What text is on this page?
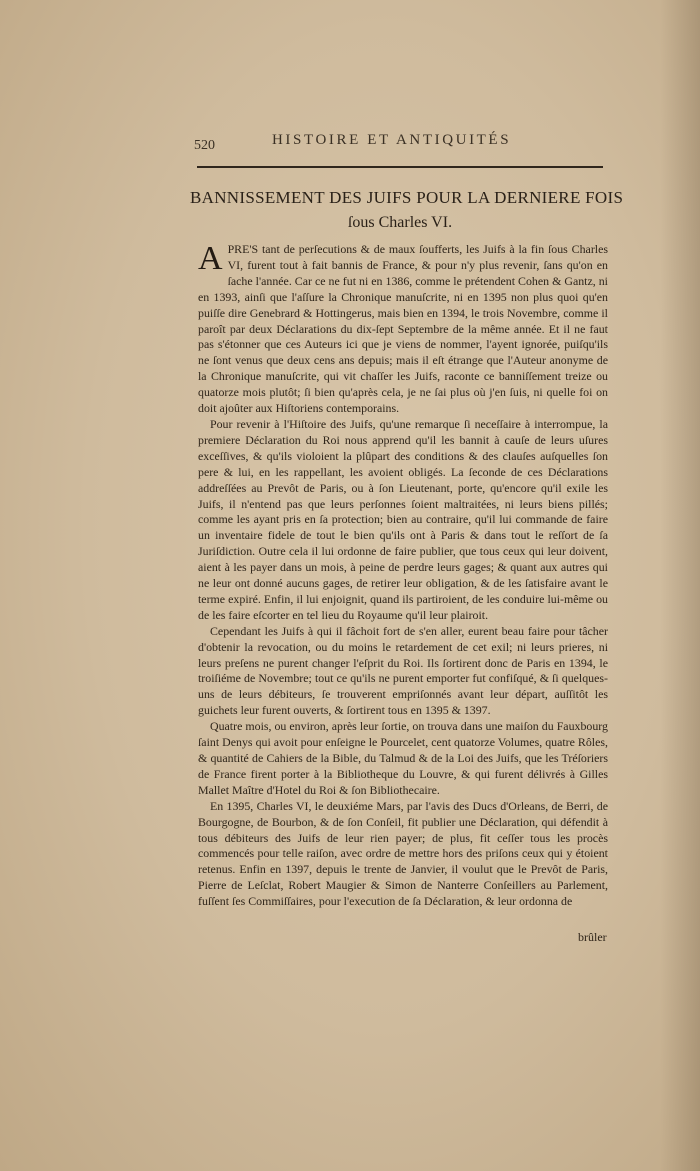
520	HISTOIRE ET ANTIQUITÉS
BANNISSEMENT DES JUIFS POUR LA DERNIERE FOIS
ſous Charles VI.

APRE'S tant de perſecutions & de maux ſoufferts, les Juifs à la fin ſous Charles VI, furent tout à fait bannis de France, & pour n'y plus revenir, ſans qu'on en ſache l'année. Car ce ne fut ni en 1386, comme le prétendent Cohen & Gantz, ni en 1393, ainſi que l'aſſure la Chronique manuſcrite, ni en 1395 non plus quoi qu'en puiſſe dire Genebrard & Hottingerus, mais bien en 1394, le trois Novembre, comme il paroît par deux Déclarations du dix-ſept Septembre de la même année. Et il ne faut pas s'étonner que ces Auteurs ici que je viens de nommer, l'ayent ignorée, puiſqu'ils ne ſont venus que deux cens ans depuis; mais il eſt étrange que l'Auteur anonyme de la Chronique manuſcrite, qui vit chaſſer les Juifs, raconte ce banniſſement treize ou quatorze mois plutôt; ſi bien qu'après cela, je ne ſai plus où j'en ſuis, ni quelle foi on doit ajoûter aux Hiſtoriens contemporains.

Pour revenir à l'Hiſtoire des Juifs, qu'une remarque ſi neceſſaire à interrompue, la premiere Déclaration du Roi nous apprend qu'il les bannit à cauſe de leurs uſures exceſſives, & qu'ils violoient la plûpart des conditions & des clauſes auſquelles ſon pere & lui, en les rappellant, les avoient obligés. La ſeconde de ces Déclarations addreſſées au Prevôt de Paris, ou à ſon Lieutenant, porte, qu'encore qu'il exile les Juifs, il n'entend pas que leurs perſonnes ſoient maltraitées, ni leurs biens pillés; comme les ayant pris en ſa protection; bien au contraire, qu'il lui commande de faire un inventaire fidele de tout le bien qu'ils ont à Paris & dans tout le reſſort de ſa Juriſdiction. Outre cela il lui ordonne de faire publier, que tous ceux qui leur doivent, aient à les payer dans un mois, à peine de perdre leurs gages; & quant aux autres qui ne leur ont donné aucuns gages, de retirer leur obligation, & de les ſatisfaire avant le terme expiré. Enfin, il lui enjoignit, quand ils partiroient, de les conduire lui-même ou de les faire eſcorter en tel lieu du Royaume qu'il leur plairoit.

Cependant les Juifs à qui il fâchoit fort de s'en aller, eurent beau faire pour tâcher d'obtenir la revocation, ou du moins le retardement de cet exil; ni leurs prieres, ni leurs preſens ne purent changer l'eſprit du Roi. Ils ſortirent donc de Paris en 1394, le troiſiéme de Novembre; tout ce qu'ils ne purent emporter fut confiſqué, & ſi quelques-uns de leurs débiteurs, ſe trouverent empriſonnés avant leur départ, auſſitôt les guichets leur furent ouverts, & ſortirent tous en 1395 & 1397.

Quatre mois, ou environ, après leur ſortie, on trouva dans une maiſon du Fauxbourg ſaint Denys qui avoit pour enſeigne le Pourcelet, cent quatorze Volumes, quatre Rôles, & quantité de Cahiers de la Bible, du Talmud & de la Loi des Juifs, que les Tréſoriers de France firent porter à la Bibliotheque du Louvre, & qui furent délivrés à Gilles Mallet Maître d'Hotel du Roi & ſon Bibliothecaire.

En 1395, Charles VI, le deuxiéme Mars, par l'avis des Ducs d'Orleans, de Berri, de Bourgogne, de Bourbon, & de ſon Conſeil, fit publier une Déclaration, qui défendit à tous débiteurs des Juifs de leur rien payer; de plus, fit ceſſer tous les procès commencés pour telle raiſon, avec ordre de mettre hors des priſons ceux qui y étoient retenus. Enfin en 1397, depuis le trente de Janvier, il voulut que le Prevôt de Paris, Pierre de Leſclat, Robert Maugier & Simon de Nanterre Conſeillers au Parlement, fuſſent ſes Commiſſaires, pour l'execution de ſa Déclaration, & leur ordonna de

brûler
